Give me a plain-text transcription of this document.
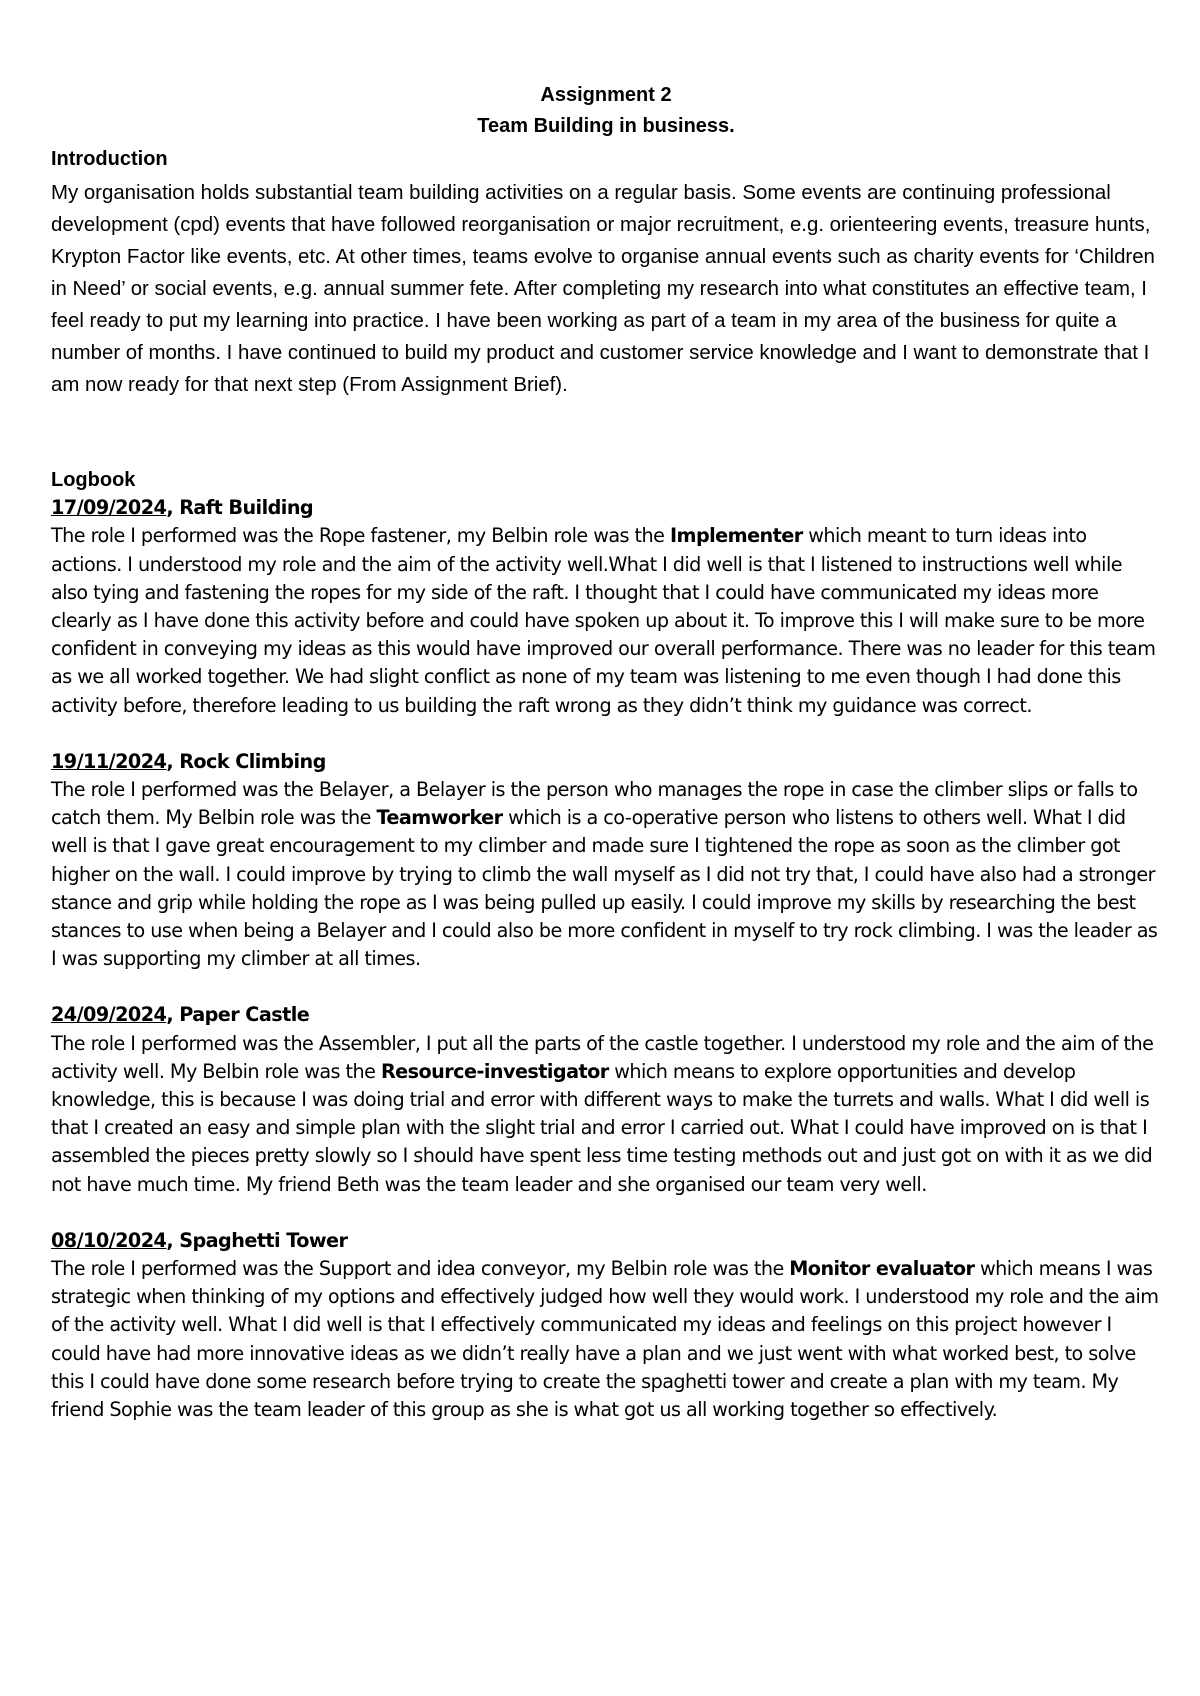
Assignment 2
Team Building in business.
Introduction
My organisation holds substantial team building activities on a regular basis. Some events are continuing professional development (cpd) events that have followed reorganisation or major recruitment, e.g. orienteering events, treasure hunts, Krypton Factor like events, etc. At other times, teams evolve to organise annual events such as charity events for ‘Children in Need’ or social events, e.g. annual summer fete. After completing my research into what constitutes an effective team, I feel ready to put my learning into practice. I have been working as part of a team in my area of the business for quite a number of months. I have continued to build my product and customer service knowledge and I want to demonstrate that I am now ready for that next step (From Assignment Brief).
Logbook
17/09/2024, Raft Building

The role I performed was the Rope fastener, my Belbin role was the Implementer which meant to turn ideas into actions. I understood my role and the aim of the activity well.What I did well is that I listened to instructions well while also tying and fastening the ropes for my side of the raft. I thought that I could have communicated my ideas more clearly as I have done this activity before and could have spoken up about it. To improve this I will make sure to be more confident in conveying my ideas as this would have improved our overall performance. There was no leader for this team as we all worked together. We had slight conflict as none of my team was listening to me even though I had done this activity before, therefore leading to us building the raft wrong as they didn’t think my guidance was correct.

19/11/2024, Rock Climbing

The role I performed was the Belayer, a Belayer is the person who manages the rope in case the climber slips or falls to catch them. My Belbin role was the Teamworker which is a co-operative person who listens to others well. What I did well is that I gave great encouragement to my climber and made sure I tightened the rope as soon as the climber got higher on the wall. I could improve by trying to climb the wall myself as I did not try that, I could have also had a stronger stance and grip while holding the rope as I was being pulled up easily. I could improve my skills by researching the best stances to use when being a Belayer and I could also be more confident in myself to try rock climbing. I was the leader as I was supporting my climber at all times.

24/09/2024, Paper Castle

The role I performed was the Assembler, I put all the parts of the castle together. I understood my role and the aim of the activity well. My Belbin role was the Resource-investigator which means to explore opportunities and develop knowledge, this is because I was doing trial and error with different ways to make the turrets and walls. What I did well is that I created an easy and simple plan with the slight trial and error I carried out. What I could have improved on is that I assembled the pieces pretty slowly so I should have spent less time testing methods out and just got on with it as we did not have much time. My friend Beth was the team leader and she organised our team very well.

08/10/2024, Spaghetti Tower

The role I performed was the Support and idea conveyor, my Belbin role was the Monitor evaluator which means I was strategic when thinking of my options and effectively judged how well they would work. I understood my role and the aim of the activity well. What I did well is that I effectively communicated my ideas and feelings on this project however I could have had more innovative ideas as we didn’t really have a plan and we just went with what worked best, to solve this I could have done some research before trying to create the spaghetti tower and create a plan with my team. My friend Sophie was the team leader of this group as she is what got us all working together so effectively.
